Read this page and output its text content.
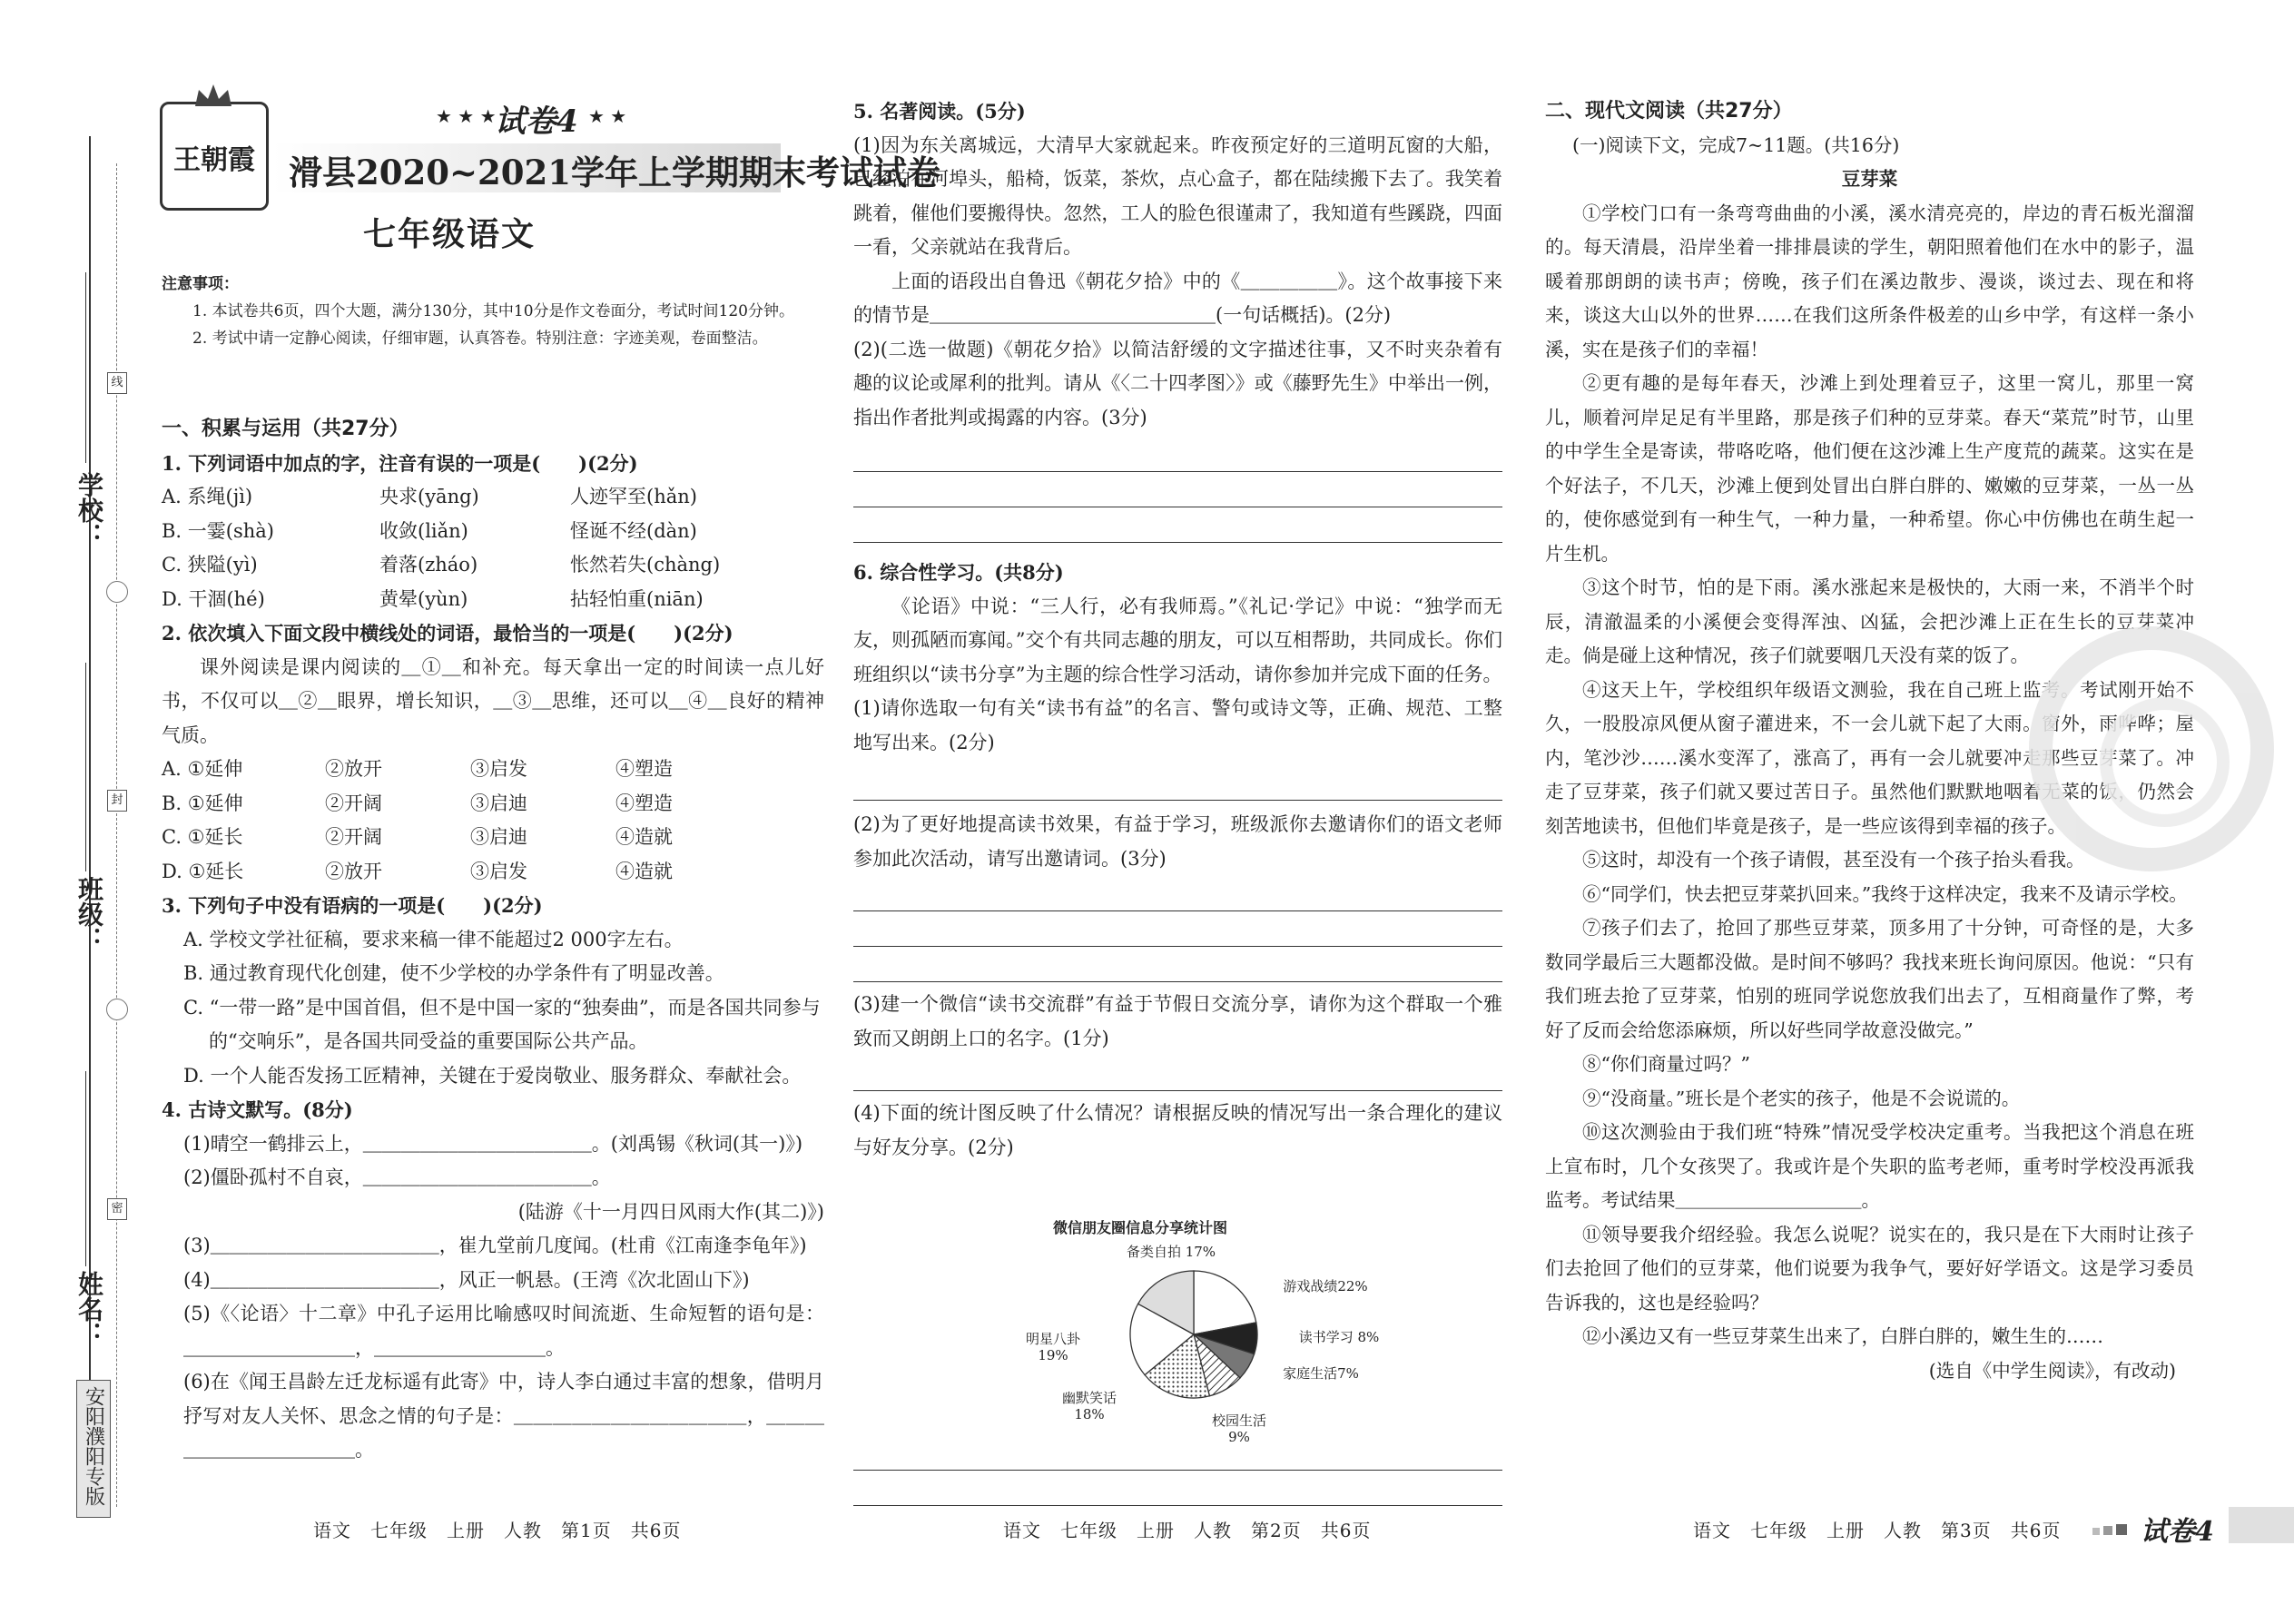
学校：
班级：
姓名：
线
封
密
安阳濮阳专版
王朝霞
★ ★ ★
试卷4 ★ ★
滑县2020~2021学年上学期期末考试试卷
七年级语文
注意事项：
1. 本试卷共6页，四个大题，满分130分，其中10分是作文卷面分，考试时间120分钟。
2. 考试中请一定静心阅读，仔细审题，认真答卷。特别注意：字迹美观，卷面整洁。

一、积累与运用（共27分）

1. 下列词语中加点的字，注音有误的一项是(　　)(2分)

A. 系绳(jì)	央求(yāng)	人迹罕至(hǎn)
B. 一霎(shà)	收敛(liǎn)	怪诞不经(dàn)
C. 狭隘(yì)	着落(zháo)	怅然若失(chàng)
D. 干涸(hé)	黄晕(yùn)	拈轻怕重(niān)

2. 依次填入下面文段中横线处的词语，最恰当的一项是(　　)(2分)

课外阅读是课内阅读的＿①＿和补充。每天拿出一定的时间读一点儿好书，不仅可以＿②＿眼界，增长知识，＿③＿思维，还可以＿④＿良好的精神气质。

A. ①延伸	②放开	③启发	④塑造
B. ①延伸	②开阔	③启迪	④塑造
C. ①延长	②开阔	③启迪	④造就
D. ①延长	②放开	③启发	④造就

3. 下列句子中没有语病的一项是(　　)(2分)

A. 学校文学社征稿，要求来稿一律不能超过2 000字左右。

B. 通过教育现代化创建，使不少学校的办学条件有了明显改善。

C. “一带一路”是中国首倡，但不是中国一家的“独奏曲”，而是各国共同参与的“交响乐”，是各国共同受益的重要国际公共产品。

D. 一个人能否发扬工匠精神，关键在于爱岗敬业、服务群众、奉献社会。

4. 古诗文默写。(8分)

(1)晴空一鹤排云上，＿＿＿＿＿＿＿＿＿＿＿＿。(刘禹锡《秋词(其一)》)

(2)僵卧孤村不自哀，＿＿＿＿＿＿＿＿＿＿＿＿。

(陆游《十一月四日风雨大作(其二)》)

(3)＿＿＿＿＿＿＿＿＿＿＿＿，崔九堂前几度闻。(杜甫《江南逢李龟年》)

(4)＿＿＿＿＿＿＿＿＿＿＿＿，风正一帆悬。(王湾《次北固山下》)

(5)《〈论语〉十二章》中孔子运用比喻感叹时间流逝、生命短暂的语句是：＿＿＿＿＿＿＿＿＿，＿＿＿＿＿＿＿＿＿。

(6)在《闻王昌龄左迁龙标遥有此寄》中，诗人李白通过丰富的想象，借明月抒写对友人关怀、思念之情的句子是：＿＿＿＿＿＿＿＿＿＿＿＿，＿＿＿＿＿＿＿＿＿＿＿＿。

语文　七年级　上册　人教　第1页　共6页

5. 名著阅读。(5分)

(1)因为东关离城远，大清早大家就起来。昨夜预定好的三道明瓦窗的大船，已经泊在河埠头，船椅，饭菜，茶炊，点心盒子，都在陆续搬下去了。我笑着跳着，催他们要搬得快。忽然，工人的脸色很谨肃了，我知道有些蹊跷，四面一看，父亲就站在我背后。

上面的语段出自鲁迅《朝花夕拾》中的《＿＿＿＿＿》。这个故事接下来的情节是＿＿＿＿＿＿＿＿＿＿＿＿＿＿＿(一句话概括)。(2分)

(2)(二选一做题)《朝花夕拾》以简洁舒缓的文字描述往事，又不时夹杂着有趣的议论或犀利的批判。请从《〈二十四孝图〉》或《藤野先生》中举出一例，指出作者批判或揭露的内容。(3分)

6. 综合性学习。(共8分)

《论语》中说：“三人行，必有我师焉。”《礼记·学记》中说：“独学而无友，则孤陋而寡闻。”交个有共同志趣的朋友，可以互相帮助，共同成长。你们班组织以“读书分享”为主题的综合性学习活动，请你参加并完成下面的任务。

(1)请你选取一句有关“读书有益”的名言、警句或诗文等，正确、规范、工整地写出来。(2分)

(2)为了更好地提高读书效果，有益于学习，班级派你去邀请你们的语文老师参加此次活动，请写出邀请词。(3分)

(3)建一个微信“读书交流群”有益于节假日交流分享，请你为这个群取一个雅致而又朗朗上口的名字。(1分)

(4)下面的统计图反映了什么情况？请根据反映的情况写出一条合理化的建议与好友分享。(2分)

微信朋友圈信息分享统计图
游戏战绩22%
读书学习 8%
家庭生活7%
校园生活 9%
幽默笑话 18%
明星八卦 19%
备类自拍 17%
语文　七年级　上册　人教　第2页　共6页

二、现代文阅读（共27分）

(一)阅读下文，完成7~11题。(共16分)

豆芽菜

①学校门口有一条弯弯曲曲的小溪，溪水清亮亮的，岸边的青石板光溜溜的。每天清晨，沿岸坐着一排排晨读的学生，朝阳照着他们在水中的影子，温暖着那朗朗的读书声；傍晚，孩子们在溪边散步、漫谈，谈过去、现在和将来，谈这大山以外的世界……在我们这所条件极差的山乡中学，有这样一条小溪，实在是孩子们的幸福！

②更有趣的是每年春天，沙滩上到处理着豆子，这里一窝儿，那里一窝儿，顺着河岸足足有半里路，那是孩子们种的豆芽菜。春天“菜荒”时节，山里的中学生全是寄读，带咯吃咯，他们便在这沙滩上生产度荒的蔬菜。这实在是个好法子，不几天，沙滩上便到处冒出白胖白胖的、嫩嫩的豆芽菜，一丛一丛的，使你感觉到有一种生气，一种力量，一种希望。你心中仿佛也在萌生起一片生机。

③这个时节，怕的是下雨。溪水涨起来是极快的，大雨一来，不消半个时辰，清澈温柔的小溪便会变得浑浊、凶猛，会把沙滩上正在生长的豆芽菜冲走。倘是碰上这种情况，孩子们就要咽几天没有菜的饭了。

④这天上午，学校组织年级语文测验，我在自己班上监考。考试刚开始不久，一股股凉风便从窗子灌进来，不一会儿就下起了大雨。窗外，雨哗哗；屋内，笔沙沙……溪水变浑了，涨高了，再有一会儿就要冲走那些豆芽菜了。冲走了豆芽菜，孩子们就又要过苦日子。虽然他们默默地咽着无菜的饭，仍然会刻苦地读书，但他们毕竟是孩子，是一些应该得到幸福的孩子。

⑤这时，却没有一个孩子请假，甚至没有一个孩子抬头看我。

⑥“同学们，快去把豆芽菜扒回来。”我终于这样决定，我来不及请示学校。

⑦孩子们去了，抢回了那些豆芽菜，顶多用了十分钟，可奇怪的是，大多数同学最后三大题都没做。是时间不够吗？我找来班长询问原因。他说：“只有我们班去抢了豆芽菜，怕别的班同学说您放我们出去了，互相商量作了弊，考好了反而会给您添麻烦，所以好些同学故意没做完。”

⑧“你们商量过吗？”

⑨“没商量。”班长是个老实的孩子，他是不会说谎的。

⑩这次测验由于我们班“特殊”情况受学校决定重考。当我把这个消息在班上宣布时，几个女孩哭了。我或许是个失职的监考老师，重考时学校没再派我监考。考试结果＿＿＿＿＿＿＿＿＿＿。

⑪领导要我介绍经验。我怎么说呢？说实在的，我只是在下大雨时让孩子们去抢回了他们的豆芽菜，他们说要为我争气，要好好学语文。这是学习委员告诉我的，这也是经验吗？

⑫小溪边又有一些豆芽菜生出来了，白胖白胖的，嫩生生的……

(选自《中学生阅读》，有改动)

语文　七年级　上册　人教　第3页　共6页	试卷4
